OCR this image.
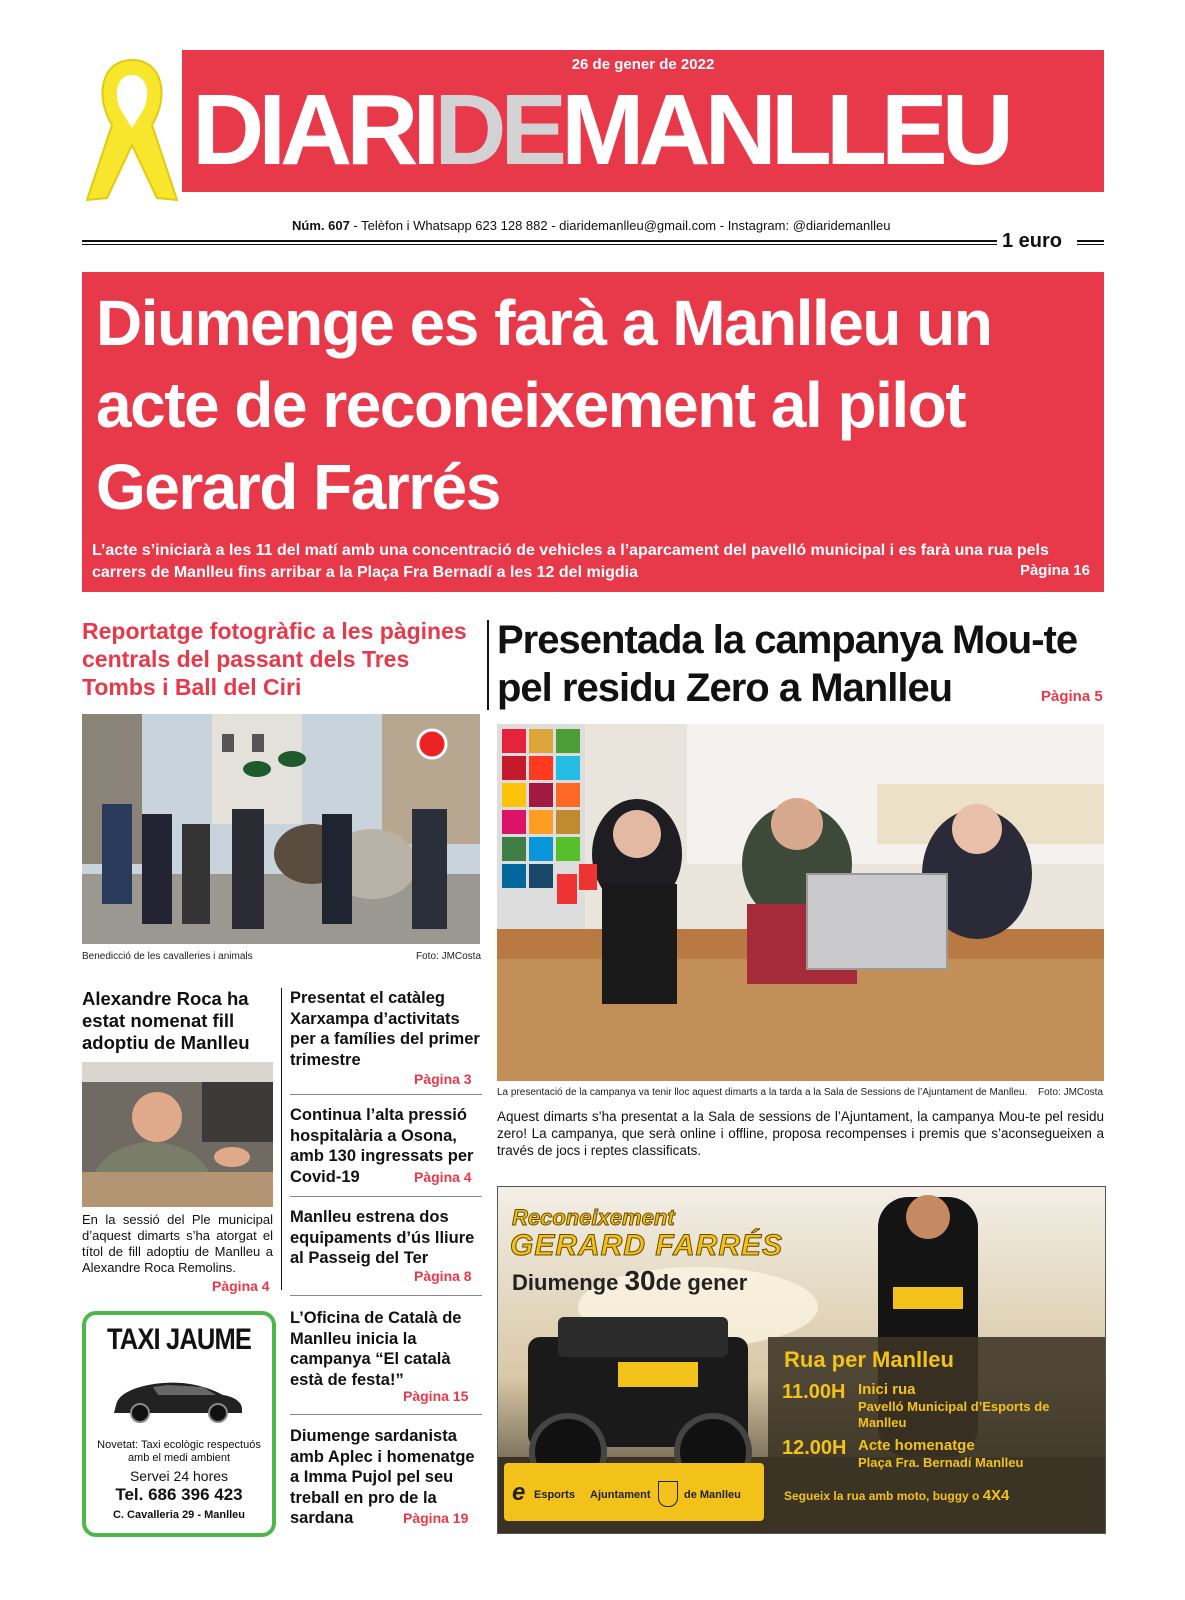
26 de gener de 2022
DIARIDEMANLLEU
Núm. 607 - Telèfon i Whatsapp 623 128 882 - diaridemanlleu@gmail.com - Instagram: @diaridemanlleu
1 euro
Diumenge es farà a Manlleu un acte de reconeixement al pilot Gerard Farrés
L’acte s’iniciarà a les 11 del matí amb una concentració de vehicles a l’aparcament del pavelló municipal i es farà una rua pels carrers de Manlleu fins arribar a la Plaça Fra Bernadí a les 12 del migdia	Pàgina 16
Reportatge fotogràfic a les pàgines centrals del passant dels Tres Tombs i Ball del Ciri
Benedicció de les cavalleries i animals	Foto: JMCosta
Presentada la campanya Mou-te pel residu Zero a Manlleu	Pàgina 5
La presentació de la campanya va tenir lloc aquest dimarts a la tarda a la Sala de Sessions de l’Ajuntament de Manlleu. Foto: JMCosta
Aquest dimarts s’ha presentat a la Sala de sessions de l’Ajuntament, la campanya Mou-te pel residu zero! La campanya, que serà online i offline, proposa recompenses i premis que s’aconsegueixen a través de jocs i reptes classificats.
Alexandre Roca ha estat nomenat fill adoptiu de Manlleu
En la sessió del Ple municipal d’aquest dimarts s’ha atorgat el títol de fill adoptiu de Manlleu a Alexandre Roca Remolins.
Pàgina 4
Presentat el catàleg Xarxampa d’activitats per a famílies del primer trimestre
Pàgina 3
Continua l’alta pressió hospitalària a Osona, amb 130 ingressats per Covid-19	Pàgina 4
Manlleu estrena dos equipaments d’ús lliure al Passeig del Ter
Pàgina 8
L’Oficina de Català de Manlleu inicia la campanya “El català està de festa!”
Pàgina 15
Diumenge sardanista amb Aplec i homenatge a Imma Pujol pel seu treball en pro de la sardana	Pàgina 19
TAXI JAUME
Novetat: Taxi ecològic respectuós amb el medi ambient
Servei 24 hores
Tel. 686 396 423
C. Cavalleria 29 - Manlleu
Reconeixement
GERARD FARRÉS
Diumenge 30de gener
Rua per Manlleu
11.00H Inici rua
Pavelló Municipal d’Esports de Manlleu
12.00H Acte homenatge
Plaça Fra. Bernadí Manlleu
Segueix la rua amb moto, buggy o 4X4
e Esports Ajuntament	de Manlleu
